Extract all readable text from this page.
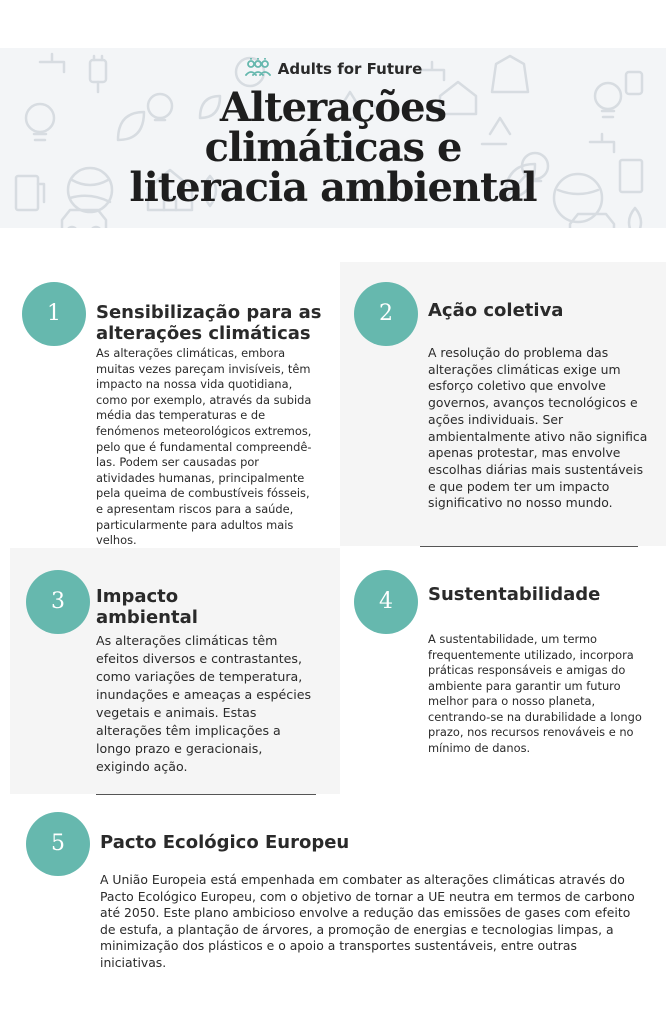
Adults for Future
Alterações
climáticas e
literacia ambiental
1	Sensibilização para as
alterações climáticas

As alterações climáticas, embora muitas vezes pareçam invisíveis, têm impacto na nossa vida quotidiana, como por exemplo, através da subida média das temperaturas e de fenómenos meteorológicos extremos, pelo que é fundamental compreendê-las. Podem ser causadas por atividades humanas, principalmente pela queima de combustíveis fósseis, e apresentam riscos para a saúde, particularmente para adultos mais velhos.

2	Ação coletiva

A resolução do problema das alterações climáticas exige um esforço coletivo que envolve governos, avanços tecnológicos e ações individuais. Ser ambientalmente ativo não significa apenas protestar, mas envolve escolhas diárias mais sustentáveis e que podem ter um impacto significativo no nosso mundo.

3	Impacto
ambiental

As alterações climáticas têm efeitos diversos e contrastantes, como variações de temperatura, inundações e ameaças a espécies vegetais e animais. Estas alterações têm implicações a longo prazo e geracionais, exigindo ação.

4	Sustentabilidade

A sustentabilidade, um termo frequentemente utilizado, incorpora práticas responsáveis e amigas do ambiente para garantir um futuro melhor para o nosso planeta, centrando-se na durabilidade a longo prazo, nos recursos renováveis e no mínimo de danos.

5	Pacto Ecológico Europeu

A União Europeia está empenhada em combater as alterações climáticas através do Pacto Ecológico Europeu, com o objetivo de tornar a UE neutra em termos de carbono até 2050. Este plano ambicioso envolve a redução das emissões de gases com efeito de estufa, a plantação de árvores, a promoção de energias e tecnologias limpas, a minimização dos plásticos e o apoio a transportes sustentáveis, entre outras iniciativas.
